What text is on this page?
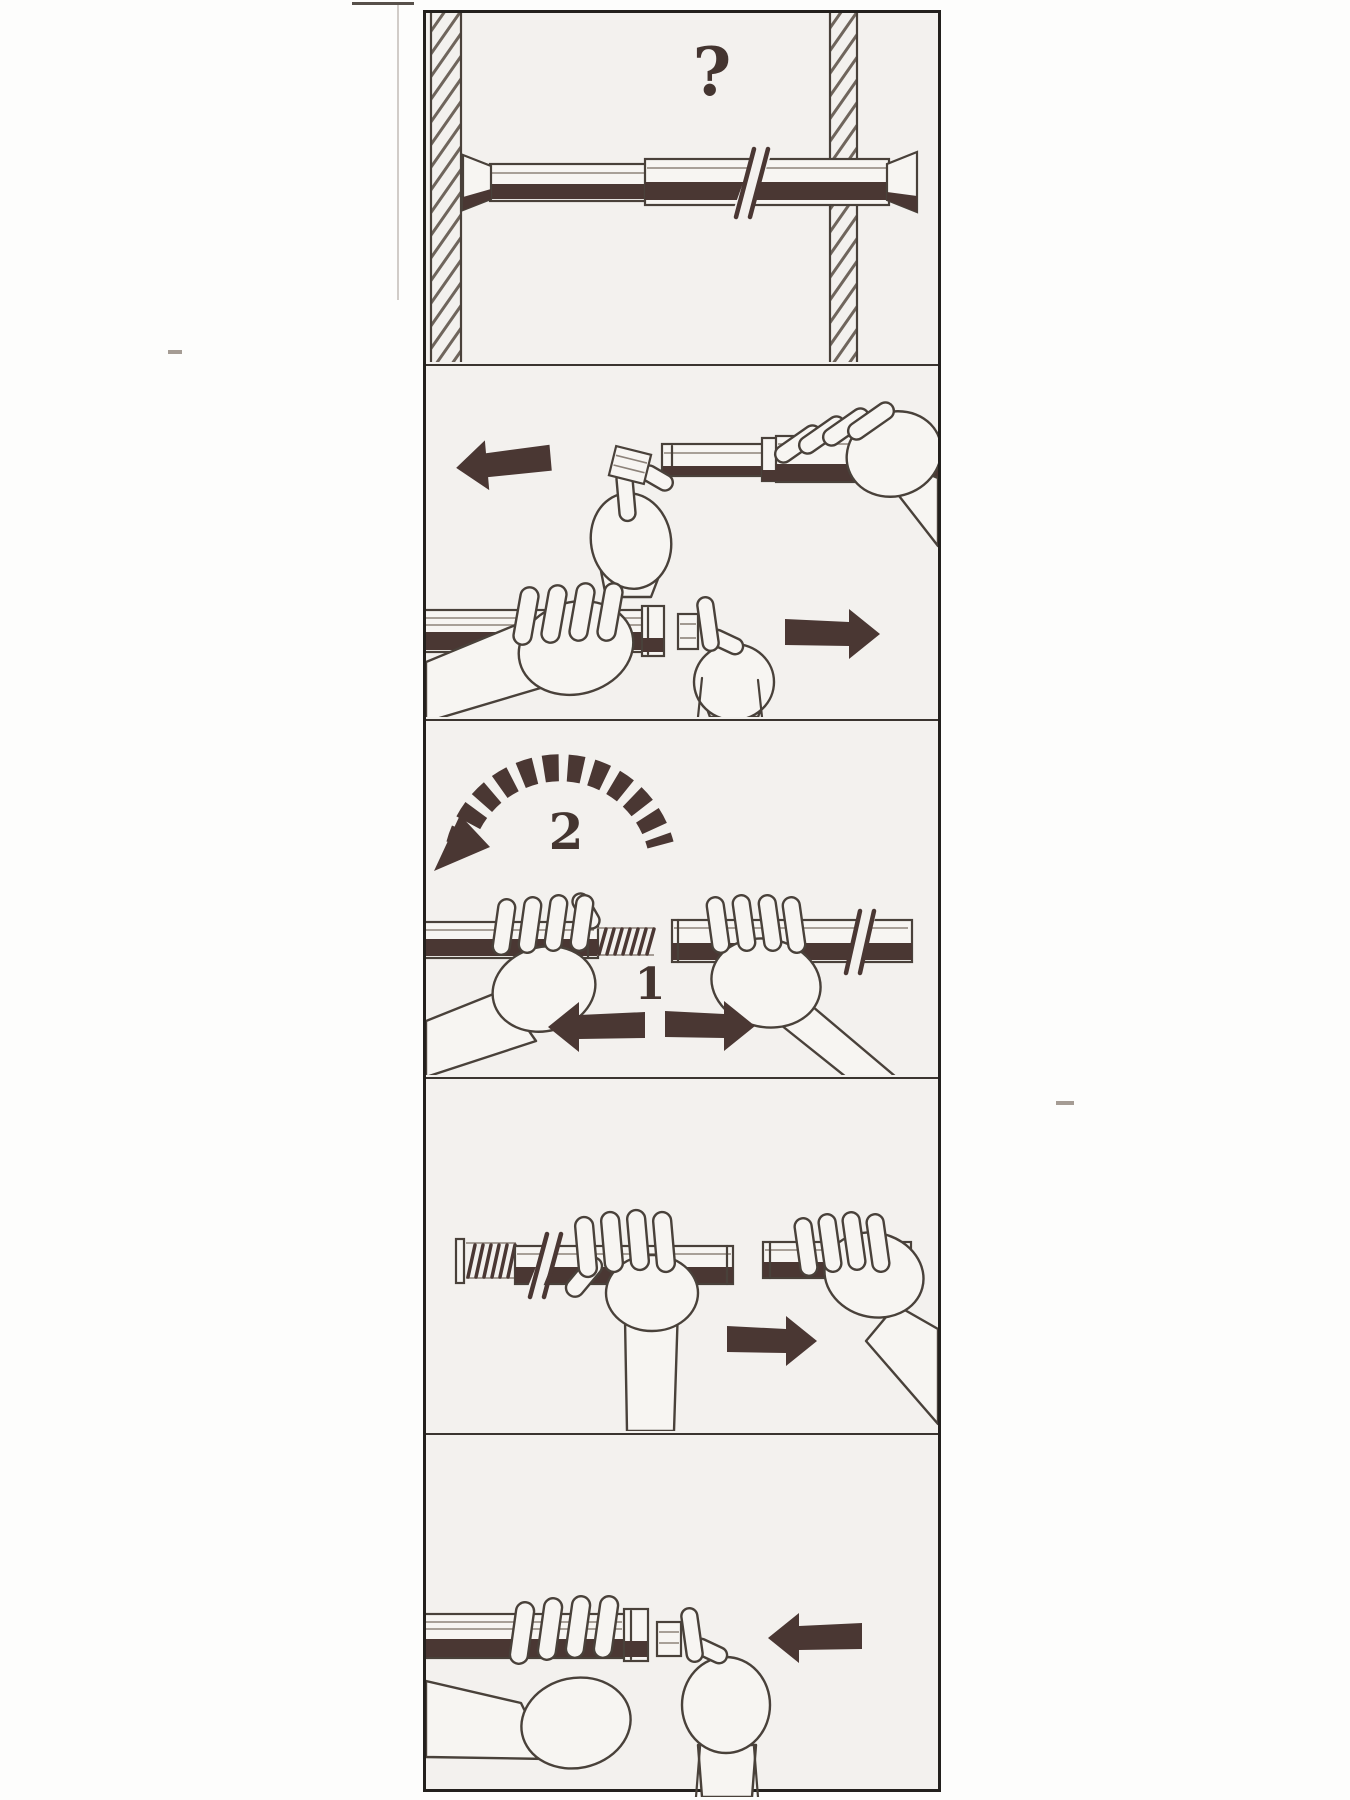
?
2
1
